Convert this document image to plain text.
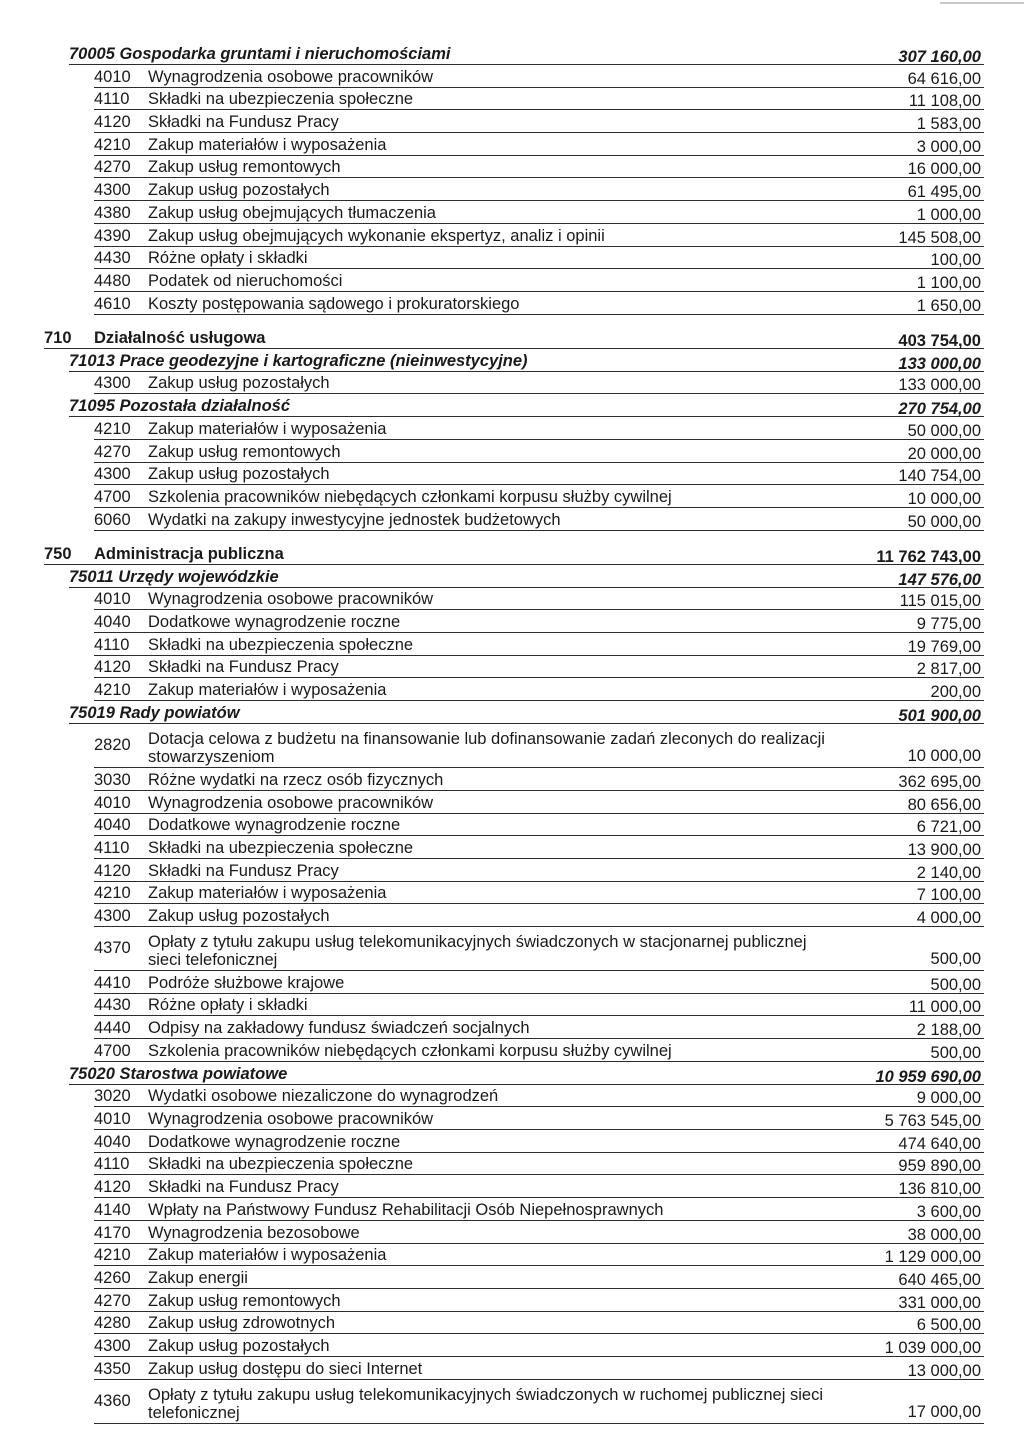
70005 Gospodarka gruntami i nieruchomościami	307 160,00
4010	Wynagrodzenia osobowe pracowników	64 616,00
4110	Składki na ubezpieczenia społeczne	11 108,00
4120	Składki na Fundusz Pracy	1 583,00
4210	Zakup materiałów i wyposażenia	3 000,00
4270	Zakup usług remontowych	16 000,00
4300	Zakup usług pozostałych	61 495,00
4380	Zakup usług obejmujących tłumaczenia	1 000,00
4390	Zakup usług obejmujących wykonanie ekspertyz, analiz i opinii	145 508,00
4430	Różne opłaty i składki	100,00
4480	Podatek od nieruchomości	1 100,00
4610	Koszty postępowania sądowego i prokuratorskiego	1 650,00
710 Działalność usługowa	403 754,00
71013 Prace geodezyjne i kartograficzne (nieinwestycyjne)	133 000,00
4300	Zakup usług pozostałych	133 000,00
71095 Pozostała działalność	270 754,00
4210	Zakup materiałów i wyposażenia	50 000,00
4270	Zakup usług remontowych	20 000,00
4300	Zakup usług pozostałych	140 754,00
4700	Szkolenia pracowników niebędących członkami korpusu służby cywilnej	10 000,00
6060	Wydatki na zakupy inwestycyjne jednostek budżetowych	50 000,00
750 Administracja publiczna	11 762 743,00
75011 Urzędy wojewódzkie	147 576,00
4010	Wynagrodzenia osobowe pracowników	115 015,00
4040	Dodatkowe wynagrodzenie roczne	9 775,00
4110	Składki na ubezpieczenia społeczne	19 769,00
4120	Składki na Fundusz Pracy	2 817,00
4210	Zakup materiałów i wyposażenia	200,00
75019 Rady powiatów	501 900,00
2820	Dotacja celowa z budżetu na finansowanie lub dofinansowanie zadań zleconych do realizacji stowarzyszeniom	10 000,00
3030	Różne wydatki na rzecz osób fizycznych	362 695,00
4010	Wynagrodzenia osobowe pracowników	80 656,00
4040	Dodatkowe wynagrodzenie roczne	6 721,00
4110	Składki na ubezpieczenia społeczne	13 900,00
4120	Składki na Fundusz Pracy	2 140,00
4210	Zakup materiałów i wyposażenia	7 100,00
4300	Zakup usług pozostałych	4 000,00
4370	Opłaty z tytułu zakupu usług telekomunikacyjnych świadczonych w stacjonarnej publicznej sieci telefonicznej	500,00
4410	Podróże służbowe krajowe	500,00
4430	Różne opłaty i składki	11 000,00
4440	Odpisy na zakładowy fundusz świadczeń socjalnych	2 188,00
4700	Szkolenia pracowników niebędących członkami korpusu służby cywilnej	500,00
75020 Starostwa powiatowe	10 959 690,00
3020	Wydatki osobowe niezaliczone do wynagrodzeń	9 000,00
4010	Wynagrodzenia osobowe pracowników	5 763 545,00
4040	Dodatkowe wynagrodzenie roczne	474 640,00
4110	Składki na ubezpieczenia społeczne	959 890,00
4120	Składki na Fundusz Pracy	136 810,00
4140	Wpłaty na Państwowy Fundusz Rehabilitacji Osób Niepełnosprawnych	3 600,00
4170	Wynagrodzenia bezosobowe	38 000,00
4210	Zakup materiałów i wyposażenia	1 129 000,00
4260	Zakup energii	640 465,00
4270	Zakup usług remontowych	331 000,00
4280	Zakup usług zdrowotnych	6 500,00
4300	Zakup usług pozostałych	1 039 000,00
4350	Zakup usług dostępu do sieci Internet	13 000,00
4360	Opłaty z tytułu zakupu usług telekomunikacyjnych świadczonych w ruchomej publicznej sieci telefonicznej	17 000,00
